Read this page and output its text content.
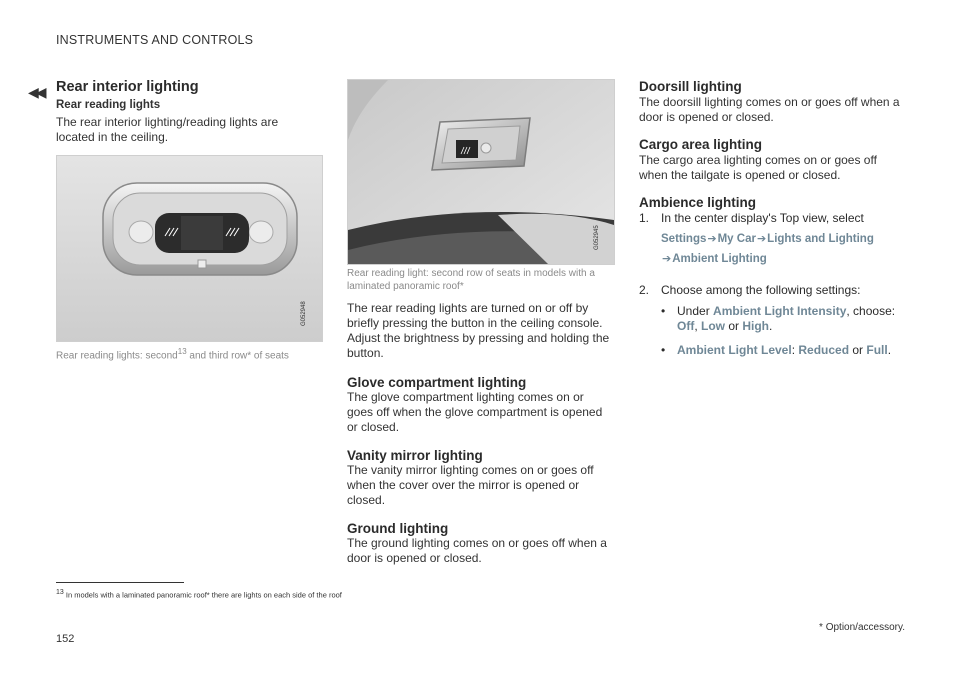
INSTRUMENTS AND CONTROLS
◀◀ Rear interior lighting
Rear reading lights

The rear interior lighting/reading lights are located in the ceiling.

G052948
Rear reading lights: second$^{13}$ and third row* of seats
G052945

Rear reading light: second row of seats in models with a laminated panoramic roof*

The rear reading lights are turned on or off by briefly pressing the button in the ceiling console. Adjust the brightness by pressing and holding the button.

Glove compartment lighting

The glove compartment lighting comes on or goes off when the glove compartment is opened or closed.

Vanity mirror lighting

The vanity mirror lighting comes on or goes off when the cover over the mirror is opened or closed.

Ground lighting

The ground lighting comes on or goes off when a door is opened or closed.

Doorsill lighting

The doorsill lighting comes on or goes off when a door is opened or closed.

Cargo area lighting

The cargo area lighting comes on or goes off when the tailgate is opened or closed.

Ambience lighting
1. In the center display's Top view, select
Settings➔My Car➔Lights and Lighting
➔Ambient Lighting
2. Choose among the following settings:
• Under Ambient Light Intensity, choose:
Off, Low or High.
• Ambient Light Level: Reduced or Full.
13 In models with a laminated panoramic roof* there are lights on each side of the roof
* Option/accessory.
152
